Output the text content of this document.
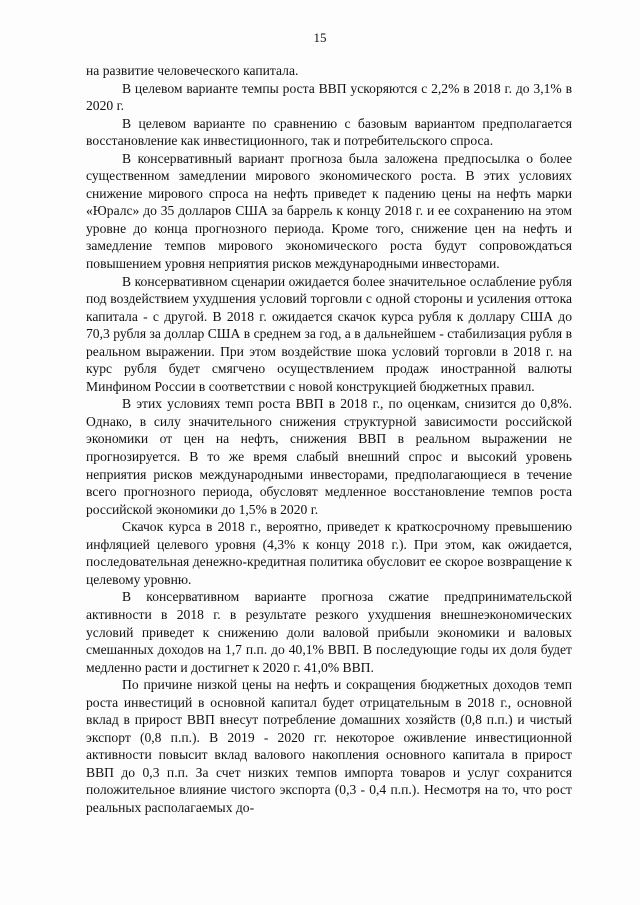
15

на развитие человеческого капитала.

В целевом варианте темпы роста ВВП ускоряются с 2,2% в 2018 г. до 3,1% в 2020 г.

В целевом варианте по сравнению с базовым вариантом предполагается восстановление как инвестиционного, так и потребительского спроса.

В консервативный вариант прогноза была заложена предпосылка о более существенном замедлении мирового экономического роста. В этих условиях снижение мирового спроса на нефть приведет к падению цены на нефть марки «Юралс» до 35 долларов США за баррель к концу 2018 г. и ее сохранению на этом уровне до конца прогнозного периода. Кроме того, снижение цен на нефть и замедление темпов мирового экономического роста будут сопровождаться повышением уровня неприятия рисков международными инвесторами.

В консервативном сценарии ожидается более значительное ослабление рубля под воздействием ухудшения условий торговли с одной стороны и усиления оттока капитала - с другой. В 2018 г. ожидается скачок курса рубля к доллару США до 70,3 рубля за доллар США в среднем за год, а в дальнейшем - стабилизация рубля в реальном выражении. При этом воздействие шока условий торговли в 2018 г. на курс рубля будет смягчено осуществлением продаж иностранной валюты Минфином России в соответствии с новой конструкцией бюджетных правил.

В этих условиях темп роста ВВП в 2018 г., по оценкам, снизится до 0,8%. Однако, в силу значительного снижения структурной зависимости российской экономики от цен на нефть, снижения ВВП в реальном выражении не прогнозируется. В то же время слабый внешний спрос и высокий уровень неприятия рисков международными инвесторами, предполагающиеся в течение всего прогнозного периода, обусловят медленное восстановление темпов роста российской экономики до 1,5% в 2020 г.

Скачок курса в 2018 г., вероятно, приведет к краткосрочному превышению инфляцией целевого уровня (4,3% к концу 2018 г.). При этом, как ожидается, последовательная денежно-кредитная политика обусловит ее скорое возвращение к целевому уровню.

В консервативном варианте прогноза сжатие предпринимательской активности в 2018 г. в результате резкого ухудшения внешнеэкономических условий приведет к снижению доли валовой прибыли экономики и валовых смешанных доходов на 1,7 п.п. до 40,1% ВВП. В последующие годы их доля будет медленно расти и достигнет к 2020 г. 41,0% ВВП.

По причине низкой цены на нефть и сокращения бюджетных доходов темп роста инвестиций в основной капитал будет отрицательным в 2018 г., основной вклад в прирост ВВП внесут потребление домашних хозяйств (0,8 п.п.) и чистый экспорт (0,8 п.п.). В 2019 - 2020 гг. некоторое оживление инвестиционной активности повысит вклад валового накопления основного капитала в прирост ВВП до 0,3 п.п. За счет низких темпов импорта товаров и услуг сохранится положительное влияние чистого экспорта (0,3 - 0,4 п.п.). Несмотря на то, что рост реальных располагаемых до-
